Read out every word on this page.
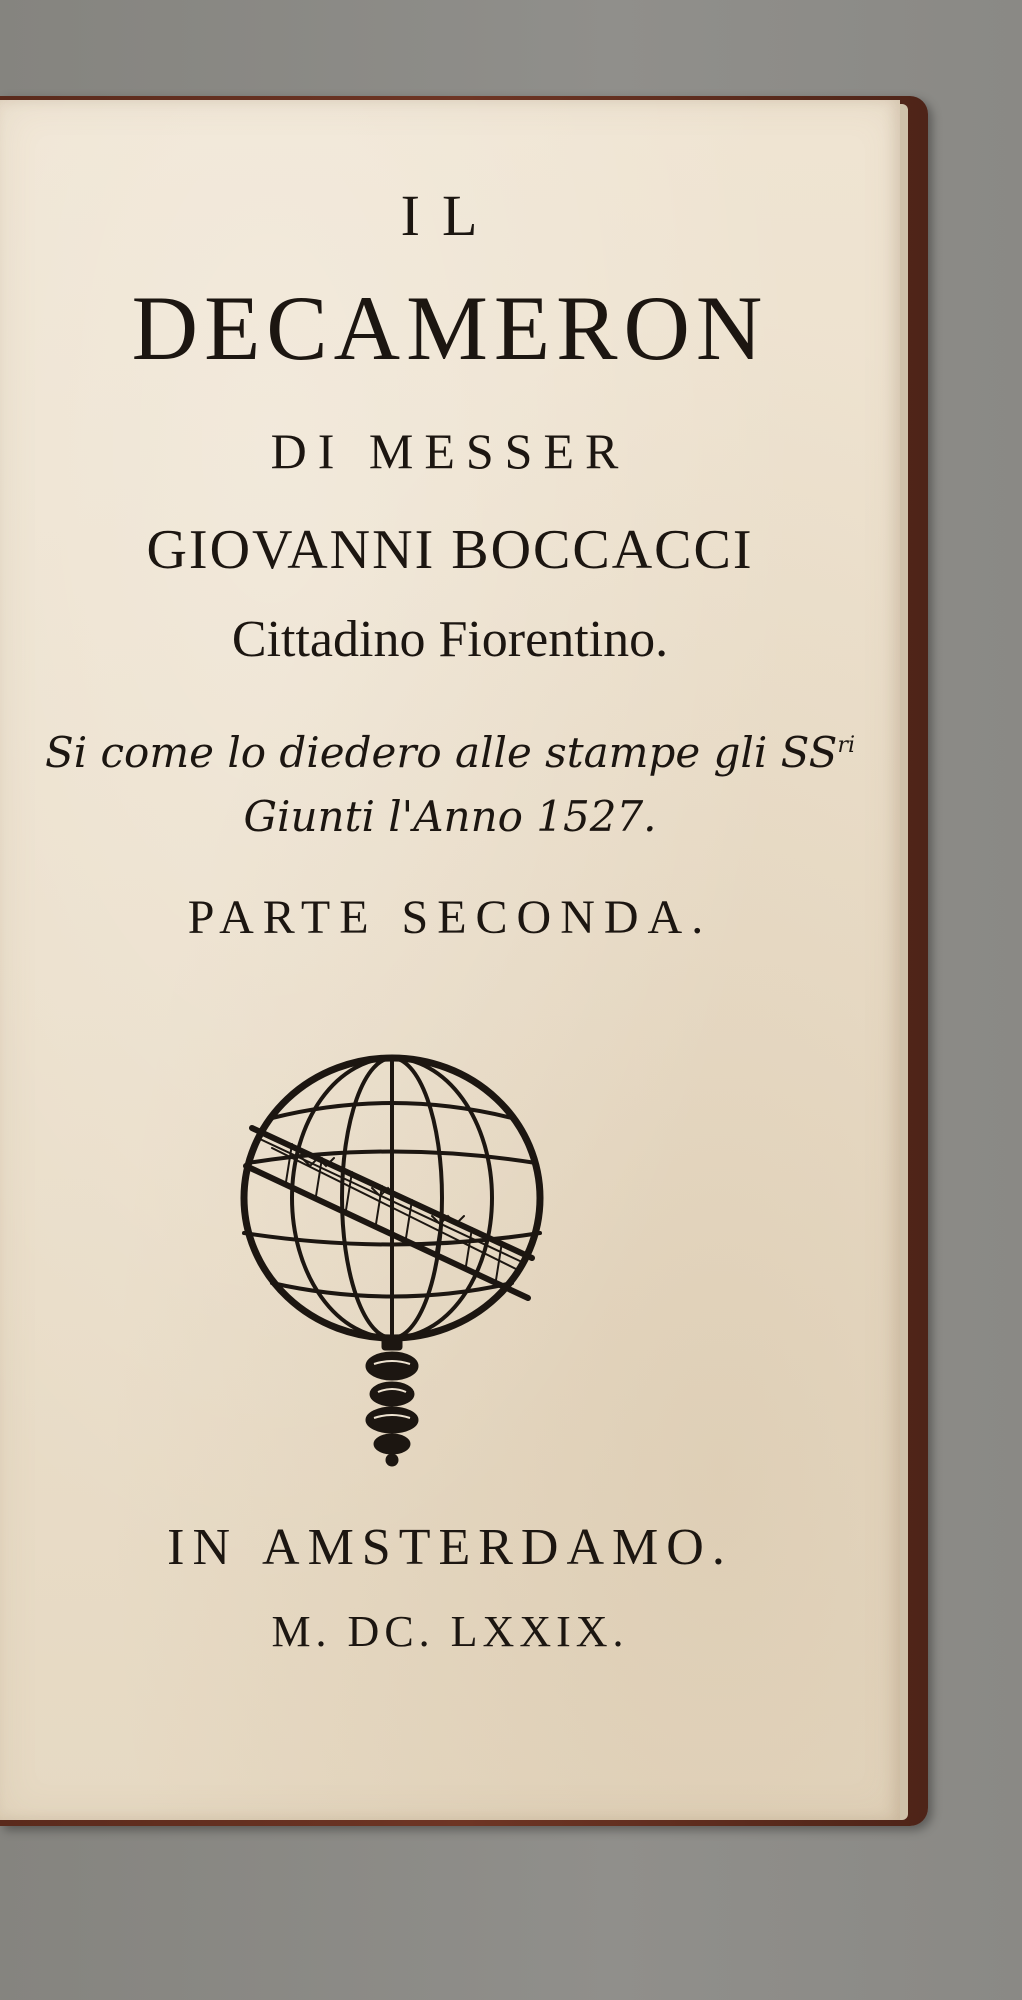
IL
DECAMERON
DI MESSER
GIOVANNI BOCCACCI
Cittadino Fiorentino.
Si come lo diedero alle stampe gli $SS^{ri}$
Giunti l'Anno 1527.
PARTE SECONDA.
IN AMSTERDAMO.
M. DC. LXXIX.
